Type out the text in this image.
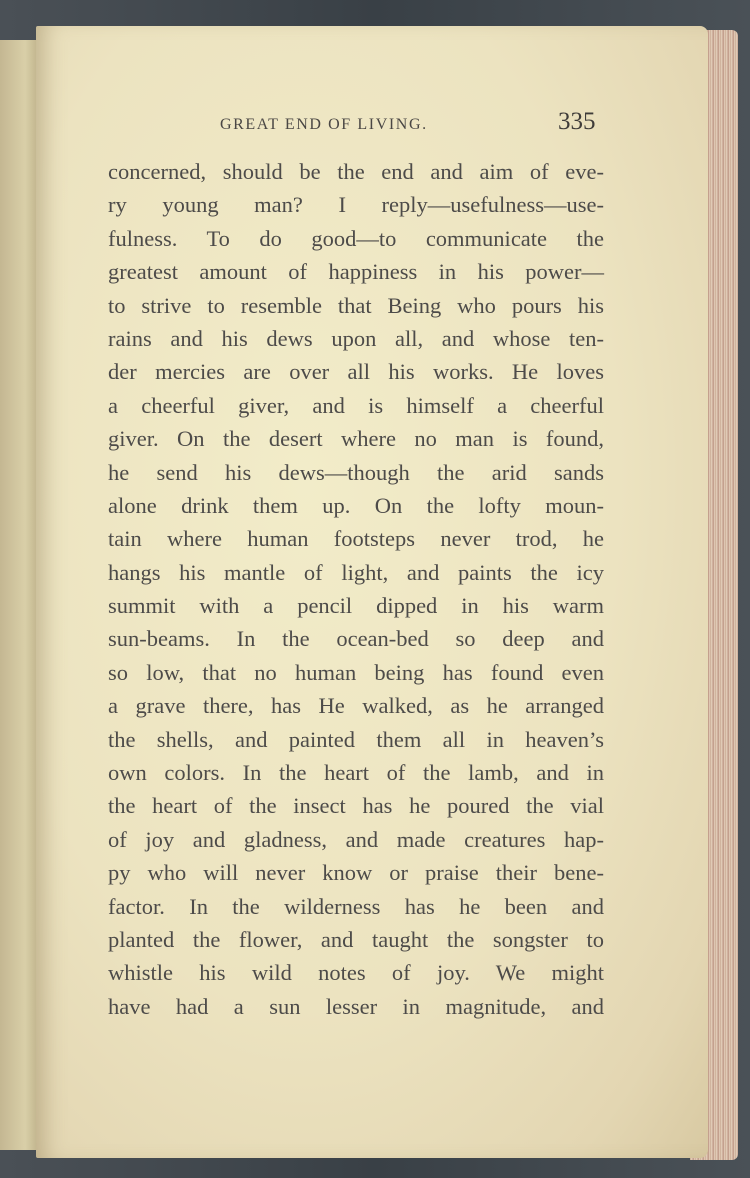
GREAT END OF LIVING.	335
concerned, should be the end and aim of eve-
ry young man? I reply—usefulness—use-
fulness. To do good—to communicate the
greatest amount of happiness in his power—
to strive to resemble that Being who pours his
rains and his dews upon all, and whose ten-
der mercies are over all his works. He loves
a cheerful giver, and is himself a cheerful
giver. On the desert where no man is found,
he send his dews—though the arid sands
alone drink them up. On the lofty moun-
tain where human footsteps never trod, he
hangs his mantle of light, and paints the icy
summit with a pencil dipped in his warm
sun-beams. In the ocean-bed so deep and
so low, that no human being has found even
a grave there, has He walked, as he arranged
the shells, and painted them all in heaven’s
own colors. In the heart of the lamb, and in
the heart of the insect has he poured the vial
of joy and gladness, and made creatures hap-
py who will never know or praise their bene-
factor. In the wilderness has he been and
planted the flower, and taught the songster to
whistle his wild notes of joy. We might
have had a sun lesser in magnitude, and
